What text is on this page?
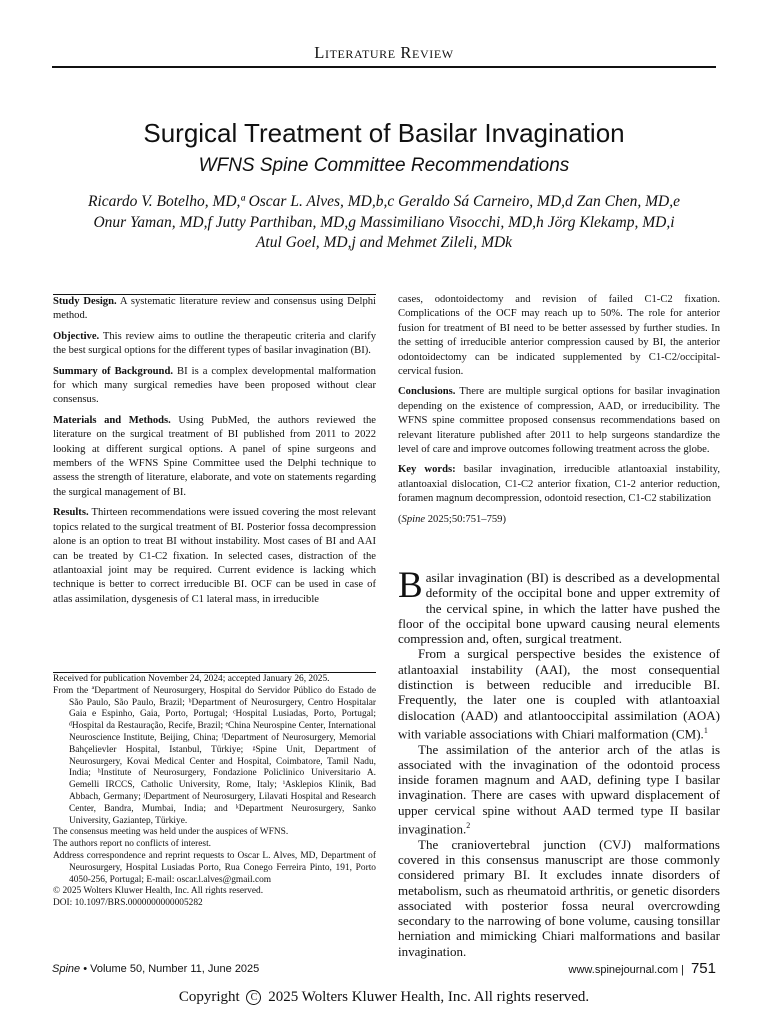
Literature Review
Surgical Treatment of Basilar Invagination
WFNS Spine Committee Recommendations
Ricardo V. Botelho, MD,ª Oscar L. Alves, MD,b,c Geraldo Sá Carneiro, MD,d Zan Chen, MD,e
Onur Yaman, MD,f Jutty Parthiban, MD,g Massimiliano Visocchi, MD,h Jörg Klekamp, MD,i
Atul Goel, MD,j and Mehmet Zileli, MDk

Study Design. A systematic literature review and consensus using Delphi method.

Objective. This review aims to outline the therapeutic criteria and clarify the best surgical options for the different types of basilar invagination (BI).

Summary of Background. BI is a complex developmental malformation for which many surgical remedies have been proposed without clear consensus.

Materials and Methods. Using PubMed, the authors reviewed the literature on the surgical treatment of BI published from 2011 to 2022 looking at different surgical options. A panel of spine surgeons and members of the WFNS Spine Committee used the Delphi technique to assess the strength of literature, elaborate, and vote on statements regarding the surgical management of BI.

Results. Thirteen recommendations were issued covering the most relevant topics related to the surgical treatment of BI. Posterior fossa decompression alone is an option to treat BI without instability. Most cases of BI and AAI can be treated by C1-C2 fixation. In selected cases, distraction of the atlantoaxial joint may be required. Current evidence is lacking which technique is better to correct irreducible BI. OCF can be used in case of atlas assimilation, dysgenesis of C1 lateral mass, in irreducible

cases, odontoidectomy and revision of failed C1-C2 fixation. Complications of the OCF may reach up to 50%. The role for anterior fusion for treatment of BI need to be better assessed by further studies. In the setting of irreducible anterior compression caused by BI, the anterior odontoidectomy can be indicated supplemented by C1-C2/occipital-cervical fusion.

Conclusions. There are multiple surgical options for basilar invagination depending on the existence of compression, AAD, or irreducibility. The WFNS spine committee proposed consensus recommendations based on relevant literature published after 2011 to help surgeons standardize the level of care and improve outcomes following treatment across the globe.

Key words: basilar invagination, irreducible atlantoaxial instability, atlantoaxial dislocation, C1-C2 anterior fixation, C1-2 anterior reduction, foramen magnum decompression, odontoid resection, C1-C2 stabilization

(Spine 2025;50:751–759)

Basilar invagination (BI) is described as a developmental deformity of the occipital bone and upper extremity of the cervical spine, in which the latter have pushed the floor of the occipital bone upward causing neural elements compression and, often, surgical treatment.

From a surgical perspective besides the existence of atlantoaxial instability (AAI), the most consequential distinction is between reducible and irreducible BI. Frequently, the later one is coupled with atlantoaxial dislocation (AAD) and atlantooccipital assimilation (AOA) with variable associations with Chiari malformation (CM).$^1$

The assimilation of the anterior arch of the atlas is associated with the invagination of the odontoid process inside foramen magnum and AAD, defining type I basilar invagination. There are cases with upward displacement of upper cervical spine without AAD termed type II basilar invagination.$^2$

The craniovertebral junction (CVJ) malformations covered in this consensus manuscript are those commonly considered primary BI. It excludes innate disorders of metabolism, such as rheumatoid arthritis, or genetic disorders associated with posterior fossa neural overcrowding secondary to the narrowing of bone volume, causing tonsillar herniation and mimicking Chiari malformations and basilar invagination.

Received for publication November 24, 2024; accepted January 26, 2025.

From the ªDepartment of Neurosurgery, Hospital do Servidor Público do Estado de São Paulo, São Paulo, Brazil; ᵇDepartment of Neurosurgery, Centro Hospitalar Gaia e Espinho, Gaia, Porto, Portugal; ᶜHospital Lusiadas, Porto, Portugal; ᵈHospital da Restauração, Recife, Brazil; ᵉChina Neurospine Center, International Neuroscience Institute, Beijing, China; ᶠDepartment of Neurosurgery, Memorial Bahçelievler Hospital, Istanbul, Türkiye; ᵍSpine Unit, Department of Neurosurgery, Kovai Medical Center and Hospital, Coimbatore, Tamil Nadu, India; ʰInstitute of Neurosurgery, Fondazione Policlinico Universitario A. Gemelli IRCCS, Catholic University, Rome, Italy; ⁱAsklepios Klinik, Bad Abbach, Germany; ʲDepartment of Neurosurgery, Lilavati Hospital and Research Center, Bandra, Mumbai, India; and ᵏDepartment Neurosurgery, Sanko University, Gaziantep, Türkiye.

The consensus meeting was held under the auspices of WFNS.

The authors report no conflicts of interest.

Address correspondence and reprint requests to Oscar L. Alves, MD, Department of Neurosurgery, Hospital Lusiadas Porto, Rua Conego Ferreira Pinto, 191, Porto 4050-256, Portugal; E-mail: oscar.l.alves@gmail.com

© 2025 Wolters Kluwer Health, Inc. All rights reserved.

DOI: 10.1097/BRS.0000000000005282

Spine • Volume 50, Number 11, June 2025	www.spinejournal.com | 751
Copyright C 2025 Wolters Kluwer Health, Inc. All rights reserved.
